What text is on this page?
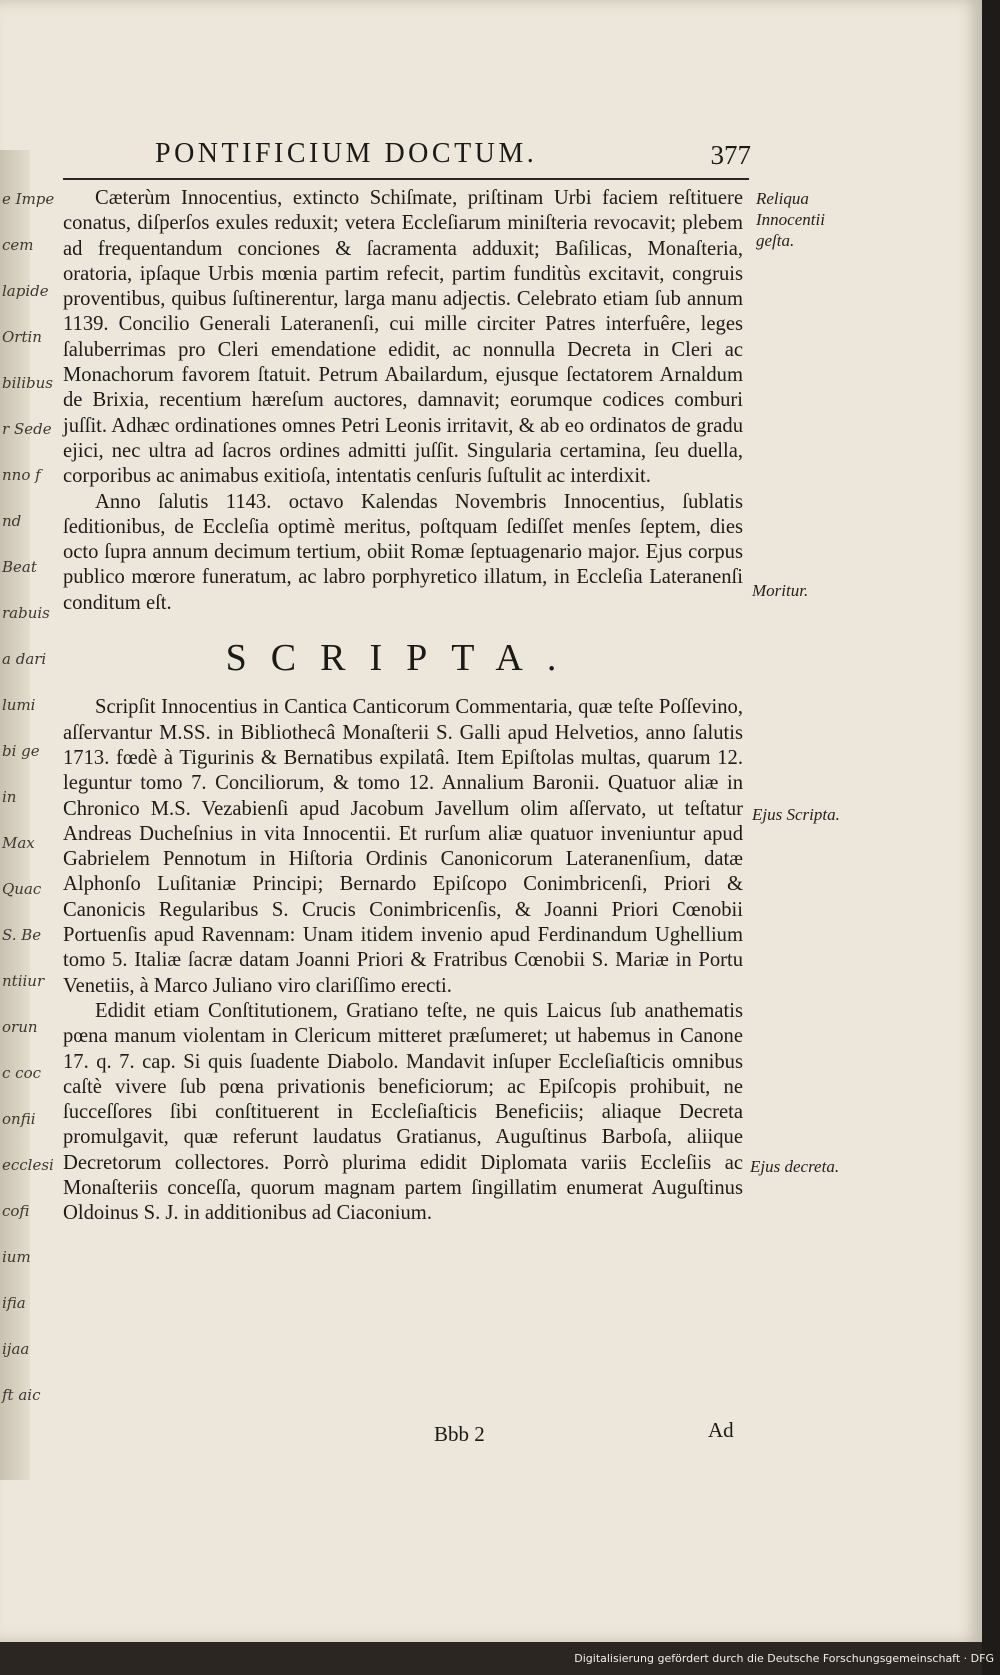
e Impe
cem
lapide
Ortin
bilibus
r Sede
nno f
nd
Beat
rabuis
a dari
lumi
bi ge
in
Max
Quac
S. Be
ntiiur
orun
c coc
onfii
ecclesi
cofi
ium
ifia
ijaa
ft aic
PONTIFICIUM DOCTUM.	377

Cæterùm Innocentius, extincto Schiſmate, priſtinam Urbi faciem reſtituere conatus, diſperſos exules reduxit; vetera Eccleſiarum miniſteria revocavit; plebem ad frequentandum conciones & ſacramenta adduxit; Baſilicas, Monaſteria, oratoria, ipſaque Urbis mœnia partim refecit, partim funditùs excitavit, congruis proventibus, quibus ſuſtinerentur, larga manu adjectis. Celebrato etiam ſub annum 1139. Concilio Generali Lateranenſi, cui mille circiter Patres interfuêre, leges ſaluberrimas pro Cleri emendatione edidit, ac nonnulla Decreta in Cleri ac Monachorum favorem ſtatuit. Petrum Abailardum, ejusque ſectatorem Arnaldum de Brixia, recentium hæreſum auctores, damnavit; eorumque codices comburi juſſit. Adhæc ordinationes omnes Petri Leonis irritavit, & ab eo ordinatos de gradu ejici, nec ultra ad ſacros ordines admitti juſſit. Singularia certamina, ſeu duella, corporibus ac animabus exitioſa, intentatis cenſuris ſuſtulit ac interdixit.

Anno ſalutis 1143. octavo Kalendas Novembris Innocentius, ſublatis ſeditionibus, de Eccleſia optimè meritus, poſtquam ſediſſet menſes ſeptem, dies octo ſupra annum decimum tertium, obiit Romæ ſeptuagenario major. Ejus corpus publico mœrore funeratum, ac labro porphyretico illatum, in Eccleſia Lateranenſi conditum eſt.

SCRIPTA.

Scripſit Innocentius in Cantica Canticorum Commentaria, quæ teſte Poſſevino, aſſervantur M.SS. in Bibliothecâ Monaſterii S. Galli apud Helvetios, anno ſalutis 1713. fœdè à Tigurinis & Bernatibus expilatâ. Item Epiſtolas multas, quarum 12. leguntur tomo 7. Conciliorum, & tomo 12. Annalium Baronii. Quatuor aliæ in Chronico M.S. Vezabienſi apud Jacobum Javellum olim aſſervato, ut teſtatur Andreas Ducheſnius in vita Innocentii. Et rurſum aliæ quatuor inveniuntur apud Gabrielem Pennotum in Hiſtoria Ordinis Canonicorum Lateranenſium, datæ Alphonſo Luſitaniæ Principi; Bernardo Epiſcopo Conimbricenſi, Priori & Canonicis Regularibus S. Crucis Conimbricenſis, & Joanni Priori Cœnobii Portuenſis apud Ravennam: Unam itidem invenio apud Ferdinandum Ughellium tomo 5. Italiæ ſacræ datam Joanni Priori & Fratribus Cœnobii S. Mariæ in Portu Venetiis, à Marco Juliano viro clariſſimo erecti.

Edidit etiam Conſtitutionem, Gratiano teſte, ne quis Laicus ſub anathematis pœna manum violentam in Clericum mitteret præſumeret; ut habemus in Canone 17. q. 7. cap. Si quis ſuadente Diabolo. Mandavit inſuper Eccleſiaſticis omnibus caſtè vivere ſub pœna privationis beneficiorum; ac Epiſcopis prohibuit, ne ſucceſſores ſibi conſtituerent in Eccleſiaſticis Beneficiis; aliaque Decreta promulgavit, quæ referunt laudatus Gratianus, Auguſtinus Barboſa, aliique Decretorum collectores. Porrò plurima edidit Diplomata variis Eccleſiis ac Monaſteriis conceſſa, quorum magnam partem ſingillatim enumerat Auguſtinus Oldoinus S. J. in additionibus ad Ciaconium.

Reliqua Innocentii geſta.
Moritur.
Ejus Scripta.
Ejus decreta.
Bbb 2	Ad
Digitalisierung gefördert durch die Deutsche Forschungsgemeinschaft · DFG
